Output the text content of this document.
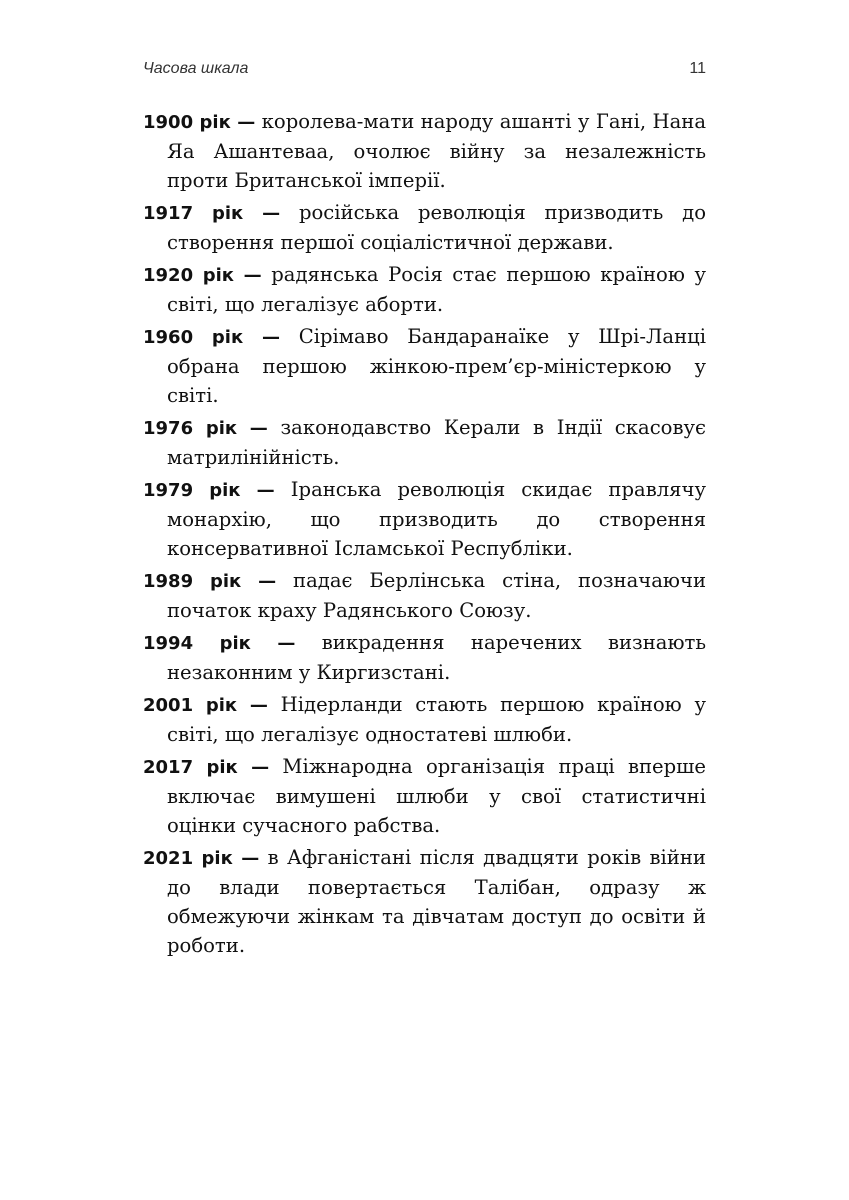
Часова шкала	11
1900 рік — королева-мати народу ашанті у Гані, Нана Яа Ашантеваа, очолює війну за незалежність проти Британської імперії.
1917 рік — російська революція призводить до створення першої соціалістичної держави.
1920 рік — радянська Росія стає першою країною у світі, що легалізує аборти.
1960 рік — Сірімаво Бандаранаїке у Шрі-Ланці обрана першою жінкою-прем’єр-міністеркою у світі.
1976 рік — законодавство Керали в Індії скасовує матрилінійність.
1979 рік — Іранська революція скидає правлячу монархію, що призводить до створення консервативної Ісламської Республіки.
1989 рік — падає Берлінська стіна, позначаючи початок краху Радянського Союзу.
1994 рік — викрадення наречених визнають незаконним у Киргизстані.
2001 рік — Нідерланди стають першою країною у світі, що легалізує одностатеві шлюби.
2017 рік — Міжнародна організація праці вперше включає вимушені шлюби у свої статистичні оцінки сучасного рабства.
2021 рік — в Афганістані після двадцяти років війни до влади повертається Талібан, одразу ж обмежуючи жінкам та дівчатам доступ до освіти й роботи.
